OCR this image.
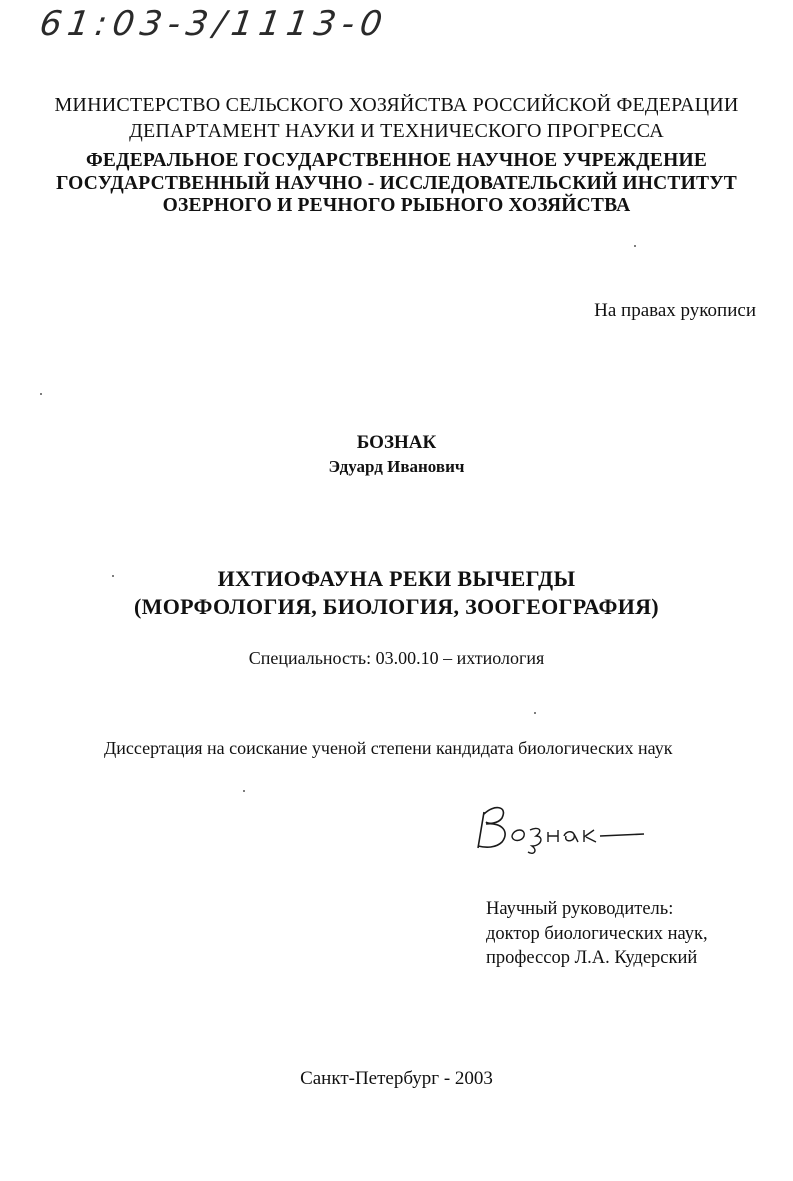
61:03-3/1113-0
МИНИСТЕРСТВО СЕЛЬСКОГО ХОЗЯЙСТВА РОССИЙСКОЙ ФЕДЕРАЦИИ
ДЕПАРТАМЕНТ НАУКИ И ТЕХНИЧЕСКОГО ПРОГРЕССА
ФЕДЕРАЛЬНОЕ ГОСУДАРСТВЕННОЕ НАУЧНОЕ УЧРЕЖДЕНИЕ
ГОСУДАРСТВЕННЫЙ НАУЧНО - ИССЛЕДОВАТЕЛЬСКИЙ ИНСТИТУТ
ОЗЕРНОГО И РЕЧНОГО РЫБНОГО ХОЗЯЙСТВА
На правах рукописи
БОЗНАК
Эдуард Иванович
ИХТИОФАУНА РЕКИ ВЫЧЕГДЫ
(МОРФОЛОГИЯ, БИОЛОГИЯ, ЗООГЕОГРАФИЯ)
Специальность: 03.00.10 – ихтиология
Диссертация на соискание ученой степени кандидата биологических наук
Научный руководитель:
доктор биологических наук,
профессор Л.А. Кудерский
Санкт-Петербург - 2003
